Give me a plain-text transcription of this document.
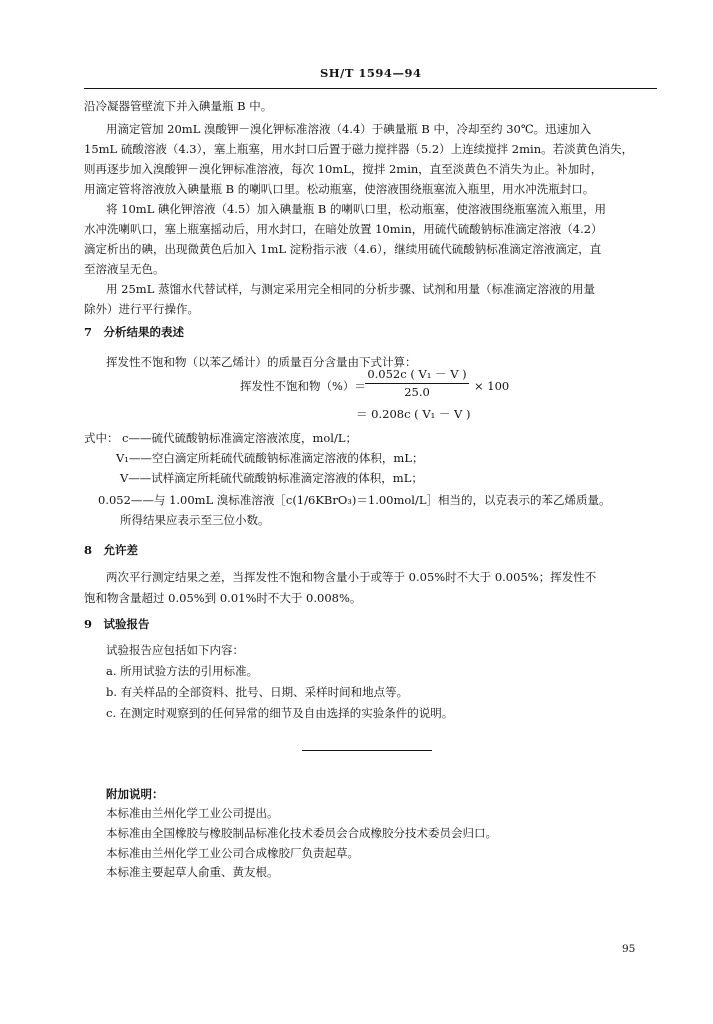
SH/T 1594—94
沿冷凝器管壁流下并入碘量瓶 B 中。
用滴定管加 20mL 溴酸钾－溴化钾标准溶液（4.4）于碘量瓶 B 中，冷却至约 30℃。迅速加入
15mL 硫酸溶液（4.3），塞上瓶塞，用水封口后置于磁力搅拌器（5.2）上连续搅拌 2min。若淡黄色消失，
则再逐步加入溴酸钾－溴化钾标准溶液，每次 10mL，搅拌 2min，直至淡黄色不消失为止。补加时，
用滴定管将溶液放入碘量瓶 B 的喇叭口里。松动瓶塞，使溶液围绕瓶塞流入瓶里，用水冲洗瓶封口。
将 10mL 碘化钾溶液（4.5）加入碘量瓶 B 的喇叭口里，松动瓶塞，使溶液围绕瓶塞流入瓶里，用
水冲洗喇叭口，塞上瓶塞摇动后，用水封口，在暗处放置 10min，用硫代硫酸钠标准滴定溶液（4.2）
滴定析出的碘，出现微黄色后加入 1mL 淀粉指示液（4.6），继续用硫代硫酸钠标准滴定溶液滴定，直
至溶液呈无色。
用 25mL 蒸馏水代替试样，与测定采用完全相同的分析步骤、试剂和用量（标准滴定溶液的用量
除外）进行平行操作。
7　分析结果的表述
挥发性不饱和物（以苯乙烯计）的质量百分含量由下式计算：
挥发性不饱和物（%）＝
0.052c ( V₁ － V )
25.0	× 100
＝ 0.208c ( V₁ － V )
式中： c——硫代硫酸钠标准滴定溶液浓度，mol/L；
V₁——空白滴定所耗硫代硫酸钠标准滴定溶液的体积，mL；
V——试样滴定所耗硫代硫酸钠标准滴定溶液的体积，mL；
0.052——与 1.00mL 溴标准溶液［c(1/6KBrO₃)＝1.00mol/L］相当的，以克表示的苯乙烯质量。
所得结果应表示至三位小数。
8　允许差
两次平行测定结果之差，当挥发性不饱和物含量小于或等于 0.05%时不大于 0.005%；挥发性不
饱和物含量超过 0.05%到 0.01%时不大于 0.008%。
9　试验报告
试验报告应包括如下内容：
a. 所用试验方法的引用标准。
b. 有关样品的全部资料、批号、日期、采样时间和地点等。
c. 在测定时观察到的任何异常的细节及自由选择的实验条件的说明。
附加说明：
本标准由兰州化学工业公司提出。
本标准由全国橡胶与橡胶制品标准化技术委员会合成橡胶分技术委员会归口。
本标准由兰州化学工业公司合成橡胶厂负责起草。
本标准主要起草人俞重、黄友根。
95
